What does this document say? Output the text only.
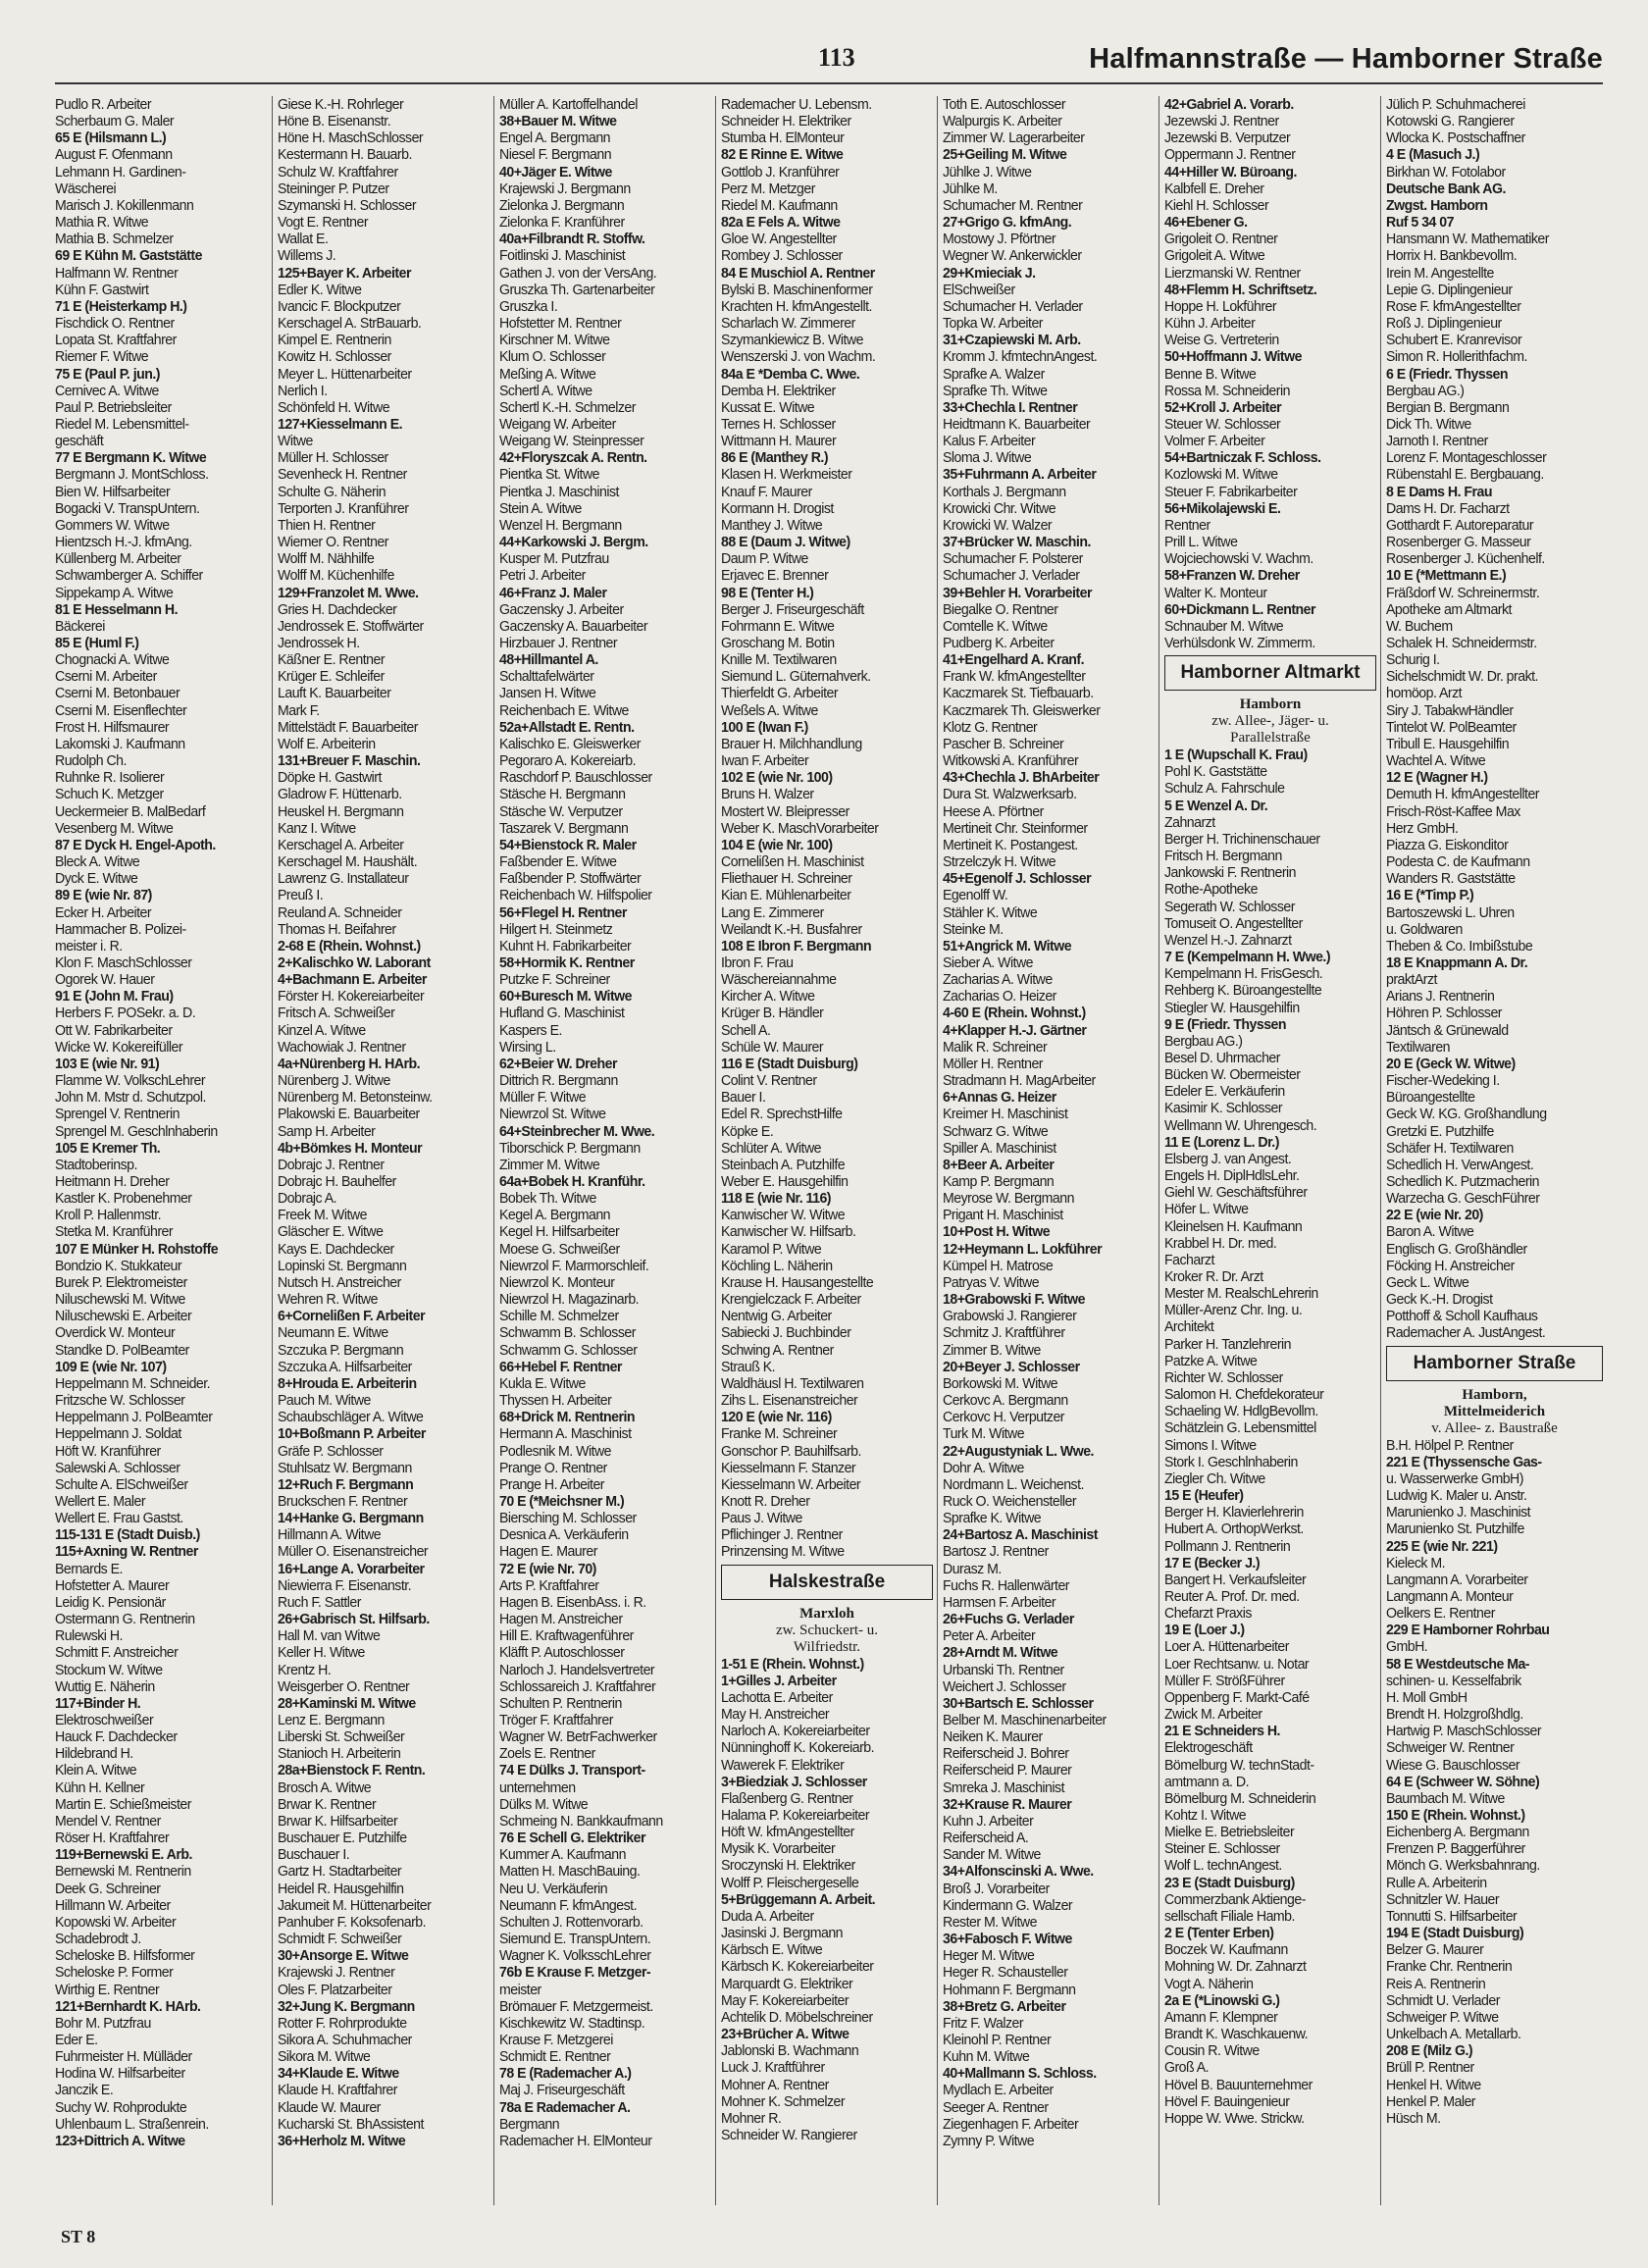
113	Halfmannstraße — Hamborner Straße
Pudlo R. Arbeiter
Scherbaum G. Maler
65 E (Hilsmann L.)
August F. Ofenmann
Lehmann H. Gardinen-
Wäscherei
Marisch J. Kokillenmann
Mathia R. Witwe
Mathia B. Schmelzer
69 E Kühn M. Gaststätte
Halfmann W. Rentner
Kühn F. Gastwirt
71 E (Heisterkamp H.)
Fischdick O. Rentner
Lopata St. Kraftfahrer
Riemer F. Witwe
75 E (Paul P. jun.)
Cernivec A. Witwe
Paul P. Betriebsleiter
Riedel M. Lebensmittel-
geschäft
77 E Bergmann K. Witwe
Bergmann J. MontSchloss.
Bien W. Hilfsarbeiter
Bogacki V. TranspUntern.
Gommers W. Witwe
Hientzsch H.-J. kfmAng.
Küllenberg M. Arbeiter
Schwamberger A. Schiffer
Sippekamp A. Witwe
81 E Hesselmann H.
Bäckerei
85 E (Huml F.)
Chognacki A. Witwe
Cserni M. Arbeiter
Cserni M. Betonbauer
Cserni M. Eisenflechter
Frost H. Hilfsmaurer
Lakomski J. Kaufmann
Rudolph Ch.
Ruhnke R. Isolierer
Schuch K. Metzger
Ueckermeier B. MalBedarf
Vesenberg M. Witwe
87 E Dyck H. Engel-Apoth.
Bleck A. Witwe
Dyck E. Witwe
89 E (wie Nr. 87)
Ecker H. Arbeiter
Hammacher B. Polizei-
meister i. R.
Klon F. MaschSchlosser
Ogorek W. Hauer
91 E (John M. Frau)
Herbers F. POSekr. a. D.
Ott W. Fabrikarbeiter
Wicke W. Kokereifüller
103 E (wie Nr. 91)
Flamme W. VolkschLehrer
John M. Mstr d. Schutzpol.
Sprengel V. Rentnerin
Sprengel M. Geschlnhaberin
105 E Kremer Th.
Stadtoberinsp.
Heitmann H. Dreher
Kastler K. Probenehmer
Kroll P. Hallenmstr.
Stetka M. Kranführer
107 E Münker H. Rohstoffe
Bondzio K. Stukkateur
Burek P. Elektromeister
Niluschewski M. Witwe
Niluschewski E. Arbeiter
Overdick W. Monteur
Standke D. PolBeamter
109 E (wie Nr. 107)
Heppelmann M. Schneider.
Fritzsche W. Schlosser
Heppelmann J. PolBeamter
Heppelmann J. Soldat
Höft W. Kranführer
Salewski A. Schlosser
Schulte A. ElSchweißer
Wellert E. Maler
Wellert E. Frau Gastst.
115-131 E (Stadt Duisb.)
115+Axning W. Rentner
Bernards E.
Hofstetter A. Maurer
Leidig K. Pensionär
Ostermann G. Rentnerin
Rulewski H.
Schmitt F. Anstreicher
Stockum W. Witwe
Wuttig E. Näherin
117+Binder H.
Elektroschweißer
Hauck F. Dachdecker
Hildebrand H.
Klein A. Witwe
Kühn H. Kellner
Martin E. Schießmeister
Mendel V. Rentner
Röser H. Kraftfahrer
119+Bernewski E. Arb.
Bernewski M. Rentnerin
Deek G. Schreiner
Hillmann W. Arbeiter
Kopowski W. Arbeiter
Schadebrodt J.
Scheloske B. Hilfsformer
Scheloske P. Former
Wirthig E. Rentner
121+Bernhardt K. HArb.
Bohr M. Putzfrau
Eder E.
Fuhrmeister H. Mülläder
Hodina W. Hilfsarbeiter
Janczik E.
Suchy W. Rohprodukte
Uhlenbaum L. Straßenrein.
123+Dittrich A. Witwe
Giese K.-H. Rohrleger
Höne B. Eisenanstr.
Höne H. MaschSchlosser
Kestermann H. Bauarb.
Schulz W. Kraftfahrer
Steininger P. Putzer
Szymanski H. Schlosser
Vogt E. Rentner
Wallat E.
Willems J.
125+Bayer K. Arbeiter
Edler K. Witwe
Ivancic F. Blockputzer
Kerschagel A. StrBauarb.
Kimpel E. Rentnerin
Kowitz H. Schlosser
Meyer L. Hüttenarbeiter
Nerlich I.
Schönfeld H. Witwe
127+Kiesselmann E.
Witwe
Müller H. Schlosser
Sevenheck H. Rentner
Schulte G. Näherin
Terporten J. Kranführer
Thien H. Rentner
Wiemer O. Rentner
Wolff M. Nähhilfe
Wolff M. Küchenhilfe
129+Franzolet M. Wwe.
Gries H. Dachdecker
Jendrossek E. Stoffwärter
Jendrossek H.
Käßner E. Rentner
Krüger E. Schleifer
Lauft K. Bauarbeiter
Mark F.
Mittelstädt F. Bauarbeiter
Wolf E. Arbeiterin
131+Breuer F. Maschin.
Döpke H. Gastwirt
Gladrow F. Hüttenarb.
Heuskel H. Bergmann
Kanz I. Witwe
Kerschagel A. Arbeiter
Kerschagel M. Haushält.
Lawrenz G. Installateur
Preuß I.
Reuland A. Schneider
Thomas H. Beifahrer
2-68 E (Rhein. Wohnst.)
2+Kalischko W. Laborant
4+Bachmann E. Arbeiter
Förster H. Kokereiarbeiter
Fritsch A. Schweißer
Kinzel A. Witwe
Wachowiak J. Rentner
4a+Nürenberg H. HArb.
Nürenberg J. Witwe
Nürenberg M. Betonsteinw.
Plakowski E. Bauarbeiter
Samp H. Arbeiter
4b+Bömkes H. Monteur
Dobrajc J. Rentner
Dobrajc H. Bauhelfer
Dobrajc A.
Freek M. Witwe
Gläscher E. Witwe
Kays E. Dachdecker
Lopinski St. Bergmann
Nutsch H. Anstreicher
Wehren R. Witwe
6+Cornelißen F. Arbeiter
Neumann E. Witwe
Szczuka P. Bergmann
Szczuka A. Hilfsarbeiter
8+Hrouda E. Arbeiterin
Pauch M. Witwe
Schaubschläger A. Witwe
10+Boßmann P. Arbeiter
Gräfe P. Schlosser
Stuhlsatz W. Bergmann
12+Ruch F. Bergmann
Bruckschen F. Rentner
14+Hanke G. Bergmann
Hillmann A. Witwe
Müller O. Eisenanstreicher
16+Lange A. Vorarbeiter
Niewierra F. Eisenanstr.
Ruch F. Sattler
26+Gabrisch St. Hilfsarb.
Hall M. van Witwe
Keller H. Witwe
Krentz H.
Weisgerber O. Rentner
28+Kaminski M. Witwe
Lenz E. Bergmann
Liberski St. Schweißer
Stanioch H. Arbeiterin
28a+Bienstock F. Rentn.
Brosch A. Witwe
Brwar K. Rentner
Brwar K. Hilfsarbeiter
Buschauer E. Putzhilfe
Buschauer I.
Gartz H. Stadtarbeiter
Heidel R. Hausgehilfin
Jakumeit M. Hüttenarbeiter
Panhuber F. Koksofenarb.
Schmidt F. Schweißer
30+Ansorge E. Witwe
Krajewski J. Rentner
Oles F. Platzarbeiter
32+Jung K. Bergmann
Rotter F. Rohrprodukte
Sikora A. Schuhmacher
Sikora M. Witwe
34+Klaude E. Witwe
Klaude H. Kraftfahrer
Klaude W. Maurer
Kucharski St. BhAssistent
36+Herholz M. Witwe
Müller A. Kartoffelhandel
38+Bauer M. Witwe
Engel A. Bergmann
Niesel F. Bergmann
40+Jäger E. Witwe
Krajewski J. Bergmann
Zielonka J. Bergmann
Zielonka F. Kranführer
40a+Filbrandt R. Stoffw.
Foitlinski J. Maschinist
Gathen J. von der VersAng.
Gruszka Th. Gartenarbeiter
Gruszka I.
Hofstetter M. Rentner
Kirschner M. Witwe
Klum O. Schlosser
Meßing A. Witwe
Schertl A. Witwe
Schertl K.-H. Schmelzer
Weigang W. Arbeiter
Weigang W. Steinpresser
42+Floryszcak A. Rentn.
Pientka St. Witwe
Pientka J. Maschinist
Stein A. Witwe
Wenzel H. Bergmann
44+Karkowski J. Bergm.
Kusper M. Putzfrau
Petri J. Arbeiter
46+Franz J. Maler
Gaczensky J. Arbeiter
Gaczensky A. Bauarbeiter
Hirzbauer J. Rentner
48+Hillmantel A.
Schalttafelwärter
Jansen H. Witwe
Reichenbach E. Witwe
52a+Allstadt E. Rentn.
Kalischko E. Gleiswerker
Pegoraro A. Kokereiarb.
Raschdorf P. Bauschlosser
Stäsche H. Bergmann
Stäsche W. Verputzer
Taszarek V. Bergmann
54+Bienstock R. Maler
Faßbender E. Witwe
Faßbender P. Stoffwärter
Reichenbach W. Hilfspolier
56+Flegel H. Rentner
Hilgert H. Steinmetz
Kuhnt H. Fabrikarbeiter
58+Hormik K. Rentner
Putzke F. Schreiner
60+Buresch M. Witwe
Hufland G. Maschinist
Kaspers E.
Wirsing L.
62+Beier W. Dreher
Dittrich R. Bergmann
Müller F. Witwe
Niewrzol St. Witwe
64+Steinbrecher M. Wwe.
Tiborschick P. Bergmann
Zimmer M. Witwe
64a+Bobek H. Kranführ.
Bobek Th. Witwe
Kegel A. Bergmann
Kegel H. Hilfsarbeiter
Moese G. Schweißer
Niewrzol F. Marmorschleif.
Niewrzol K. Monteur
Niewrzol H. Magazinarb.
Schille M. Schmelzer
Schwamm B. Schlosser
Schwamm G. Schlosser
66+Hebel F. Rentner
Kukla E. Witwe
Thyssen H. Arbeiter
68+Drick M. Rentnerin
Hermann A. Maschinist
Podlesnik M. Witwe
Prange O. Rentner
Prange H. Arbeiter
70 E (*Meichsner M.)
Biersching M. Schlosser
Desnica A. Verkäuferin
Hagen E. Maurer
72 E (wie Nr. 70)
Arts P. Kraftfahrer
Hagen B. EisenbAss. i. R.
Hagen M. Anstreicher
Hill E. Kraftwagenführer
Kläfft P. Autoschlosser
Narloch J. Handelsvertreter
Schlossareich J. Kraftfahrer
Schulten P. Rentnerin
Tröger F. Kraftfahrer
Wagner W. BetrFachwerker
Zoels E. Rentner
74 E Dülks J. Transport-
unternehmen
Dülks M. Witwe
Schmeing N. Bankkaufmann
76 E Schell G. Elektriker
Kummer A. Kaufmann
Matten H. MaschBauing.
Neu U. Verkäuferin
Neumann F. kfmAngest.
Schulten J. Rottenvorarb.
Siemund E. TranspUntern.
Wagner K. VolksschLehrer
76b E Krause F. Metzger-
meister
Brömauer F. Metzgermeist.
Kischkewitz W. Stadtinsp.
Krause F. Metzgerei
Schmidt E. Rentner
78 E (Rademacher A.)
Maj J. Friseurgeschäft
78a E Rademacher A.
Bergmann
Rademacher H. ElMonteur
Rademacher U. Lebensm.
Schneider H. Elektriker
Stumba H. ElMonteur
82 E Rinne E. Witwe
Gottlob J. Kranführer
Perz M. Metzger
Riedel M. Kaufmann
82a E Fels A. Witwe
Gloe W. Angestellter
Rombey J. Schlosser
84 E Muschiol A. Rentner
Bylski B. Maschinenformer
Krachten H. kfmAngestellt.
Scharlach W. Zimmerer
Szymankiewicz B. Witwe
Wenszerski J. von Wachm.
84a E *Demba C. Wwe.
Demba H. Elektriker
Kussat E. Witwe
Ternes H. Schlosser
Wittmann H. Maurer
86 E (Manthey R.)
Klasen H. Werkmeister
Knauf F. Maurer
Kormann H. Drogist
Manthey J. Witwe
88 E (Daum J. Witwe)
Daum P. Witwe
Erjavec E. Brenner
98 E (Tenter H.)
Berger J. Friseurgeschäft
Fohrmann E. Witwe
Groschang M. Botin
Knille M. Textilwaren
Siemund L. Güternahverk.
Thierfeldt G. Arbeiter
Weßels A. Witwe
100 E (Iwan F.)
Brauer H. Milchhandlung
Iwan F. Arbeiter
102 E (wie Nr. 100)
Bruns H. Walzer
Mostert W. Bleipresser
Weber K. MaschVorarbeiter
104 E (wie Nr. 100)
Cornelißen H. Maschinist
Fliethauer H. Schreiner
Kian E. Mühlenarbeiter
Lang E. Zimmerer
Weilandt K.-H. Busfahrer
108 E Ibron F. Bergmann
Ibron F. Frau
Wäschereiannahme
Kircher A. Witwe
Krüger B. Händler
Schell A.
Schüle W. Maurer
116 E (Stadt Duisburg)
Colint V. Rentner
Bauer I.
Edel R. SprechstHilfe
Köpke E.
Schlüter A. Witwe
Steinbach A. Putzhilfe
Weber E. Hausgehilfin
118 E (wie Nr. 116)
Kanwischer W. Witwe
Kanwischer W. Hilfsarb.
Karamol P. Witwe
Köchling L. Näherin
Krause H. Hausangestellte
Krengielczack F. Arbeiter
Nentwig G. Arbeiter
Sabiecki J. Buchbinder
Schwing A. Rentner
Strauß K.
Waldhäusl H. Textilwaren
Zihs L. Eisenanstreicher
120 E (wie Nr. 116)
Franke M. Schreiner
Gonschor P. Bauhilfsarb.
Kiesselmann F. Stanzer
Kiesselmann W. Arbeiter
Knott R. Dreher
Paus J. Witwe
Pflichinger J. Rentner
Prinzensing M. Witwe
Halskestraße
Marxloh
zw. Schuckert- u.
Wilfriedstr.
1-51 E (Rhein. Wohnst.)
1+Gilles J. Arbeiter
Lachotta E. Arbeiter
May H. Anstreicher
Narloch A. Kokereiarbeiter
Nünninghoff K. Kokereiarb.
Wawerek F. Elektriker
3+Biedziak J. Schlosser
Flaßenberg G. Rentner
Halama P. Kokereiarbeiter
Höft W. kfmAngestellter
Mysik K. Vorarbeiter
Sroczynski H. Elektriker
Wolff P. Fleischergeselle
5+Brüggemann A. Arbeit.
Duda A. Arbeiter
Jasinski J. Bergmann
Kärbsch E. Witwe
Kärbsch K. Kokereiarbeiter
Marquardt G. Elektriker
May F. Kokereiarbeiter
Achtelik D. Möbelschreiner
23+Brücher A. Witwe
Jablonski B. Wachmann
Luck J. Kraftführer
Mohner A. Rentner
Mohner K. Schmelzer
Mohner R.
Schneider W. Rangierer
Toth E. Autoschlosser
Walpurgis K. Arbeiter
Zimmer W. Lagerarbeiter
25+Geiling M. Witwe
Jühlke J. Witwe
Jühlke M.
Schumacher M. Rentner
27+Grigo G. kfmAng.
Mostowy J. Pförtner
Wegner W. Ankerwickler
29+Kmieciak J.
ElSchweißer
Schumacher H. Verlader
Topka W. Arbeiter
31+Czapiewski M. Arb.
Kromm J. kfmtechnAngest.
Sprafke A. Walzer
Sprafke Th. Witwe
33+Chechla I. Rentner
Heidtmann K. Bauarbeiter
Kalus F. Arbeiter
Sloma J. Witwe
35+Fuhrmann A. Arbeiter
Korthals J. Bergmann
Krowicki Chr. Witwe
Krowicki W. Walzer
37+Brücker W. Maschin.
Schumacher F. Polsterer
Schumacher J. Verlader
39+Behler H. Vorarbeiter
Biegalke O. Rentner
Comtelle K. Witwe
Pudberg K. Arbeiter
41+Engelhard A. Kranf.
Frank W. kfmAngestellter
Kaczmarek St. Tiefbauarb.
Kaczmarek Th. Gleiswerker
Klotz G. Rentner
Pascher B. Schreiner
Witkowski A. Kranführer
43+Chechla J. BhArbeiter
Dura St. Walzwerksarb.
Heese A. Pförtner
Mertineit Chr. Steinformer
Mertineit K. Postangest.
Strzelczyk H. Witwe
45+Egenolf J. Schlosser
Egenolff W.
Stähler K. Witwe
Steinke M.
51+Angrick M. Witwe
Sieber A. Witwe
Zacharias A. Witwe
Zacharias O. Heizer
4-60 E (Rhein. Wohnst.)
4+Klapper H.-J. Gärtner
Malik R. Schreiner
Möller H. Rentner
Stradmann H. MagArbeiter
6+Annas G. Heizer
Kreimer H. Maschinist
Schwarz G. Witwe
Spiller A. Maschinist
8+Beer A. Arbeiter
Kamp P. Bergmann
Meyrose W. Bergmann
Prigant H. Maschinist
10+Post H. Witwe
12+Heymann L. Lokführer
Kümpel H. Matrose
Patryas V. Witwe
18+Grabowski F. Witwe
Grabowski J. Rangierer
Schmitz J. Kraftführer
Zimmer B. Witwe
20+Beyer J. Schlosser
Borkowski M. Witwe
Cerkovc A. Bergmann
Cerkovc H. Verputzer
Turk M. Witwe
22+Augustyniak L. Wwe.
Dohr A. Witwe
Nordmann L. Weichenst.
Ruck O. Weichensteller
Sprafke K. Witwe
24+Bartosz A. Maschinist
Bartosz J. Rentner
Durasz M.
Fuchs R. Hallenwärter
Harmsen F. Arbeiter
26+Fuchs G. Verlader
Peter A. Arbeiter
28+Arndt M. Witwe
Urbanski Th. Rentner
Weichert J. Schlosser
30+Bartsch E. Schlosser
Belber M. Maschinenarbeiter
Neiken K. Maurer
Reiferscheid J. Bohrer
Reiferscheid P. Maurer
Smreka J. Maschinist
32+Krause R. Maurer
Kuhn J. Arbeiter
Reiferscheid A.
Sander M. Witwe
34+Alfonscinski A. Wwe.
Broß J. Vorarbeiter
Kindermann G. Walzer
Rester M. Witwe
36+Fabosch F. Witwe
Heger M. Witwe
Heger R. Schausteller
Hohmann F. Bergmann
38+Bretz G. Arbeiter
Fritz F. Walzer
Kleinohl P. Rentner
Kuhn M. Witwe
40+Mallmann S. Schloss.
Mydlach E. Arbeiter
Seeger A. Rentner
Ziegenhagen F. Arbeiter
Zymny P. Witwe
42+Gabriel A. Vorarb.
Jezewski J. Rentner
Jezewski B. Verputzer
Oppermann J. Rentner
44+Hiller W. Büroang.
Kalbfell E. Dreher
Kiehl H. Schlosser
46+Ebener G.
Grigoleit O. Rentner
Grigoleit A. Witwe
Lierzmanski W. Rentner
48+Flemm H. Schriftsetz.
Hoppe H. Lokführer
Kühn J. Arbeiter
Weise G. Vertreterin
50+Hoffmann J. Witwe
Benne B. Witwe
Rossa M. Schneiderin
52+Kroll J. Arbeiter
Steuer W. Schlosser
Volmer F. Arbeiter
54+Bartniczak F. Schloss.
Kozlowski M. Witwe
Steuer F. Fabrikarbeiter
56+Mikolajewski E.
Rentner
Prill L. Witwe
Wojciechowski V. Wachm.
58+Franzen W. Dreher
Walter K. Monteur
60+Dickmann L. Rentner
Schnauber M. Witwe
Verhülsdonk W. Zimmerm.
Hamborner Altmarkt
Hamborn
zw. Allee-, Jäger- u.
Parallelstraße
1 E (Wupschall K. Frau)
Pohl K. Gaststätte
Schulz A. Fahrschule
5 E Wenzel A. Dr.
Zahnarzt
Berger H. Trichinenschauer
Fritsch H. Bergmann
Jankowski F. Rentnerin
Rothe-Apotheke
Segerath W. Schlosser
Tomuseit O. Angestellter
Wenzel H.-J. Zahnarzt
7 E (Kempelmann H. Wwe.)
Kempelmann H. FrisGesch.
Rehberg K. Büroangestellte
Stiegler W. Hausgehilfin
9 E (Friedr. Thyssen
Bergbau AG.)
Besel D. Uhrmacher
Bücken W. Obermeister
Edeler E. Verkäuferin
Kasimir K. Schlosser
Wellmann W. Uhrengesch.
11 E (Lorenz L. Dr.)
Elsberg J. van Angest.
Engels H. DiplHdlsLehr.
Giehl W. Geschäftsführer
Höfer L. Witwe
Kleinelsen H. Kaufmann
Krabbel H. Dr. med.
Facharzt
Kroker R. Dr. Arzt
Mester M. RealschLehrerin
Müller-Arenz Chr. Ing. u.
Architekt
Parker H. Tanzlehrerin
Patzke A. Witwe
Richter W. Schlosser
Salomon H. Chefdekorateur
Schaeling W. HdlgBevollm.
Schätzlein G. Lebensmittel
Simons I. Witwe
Stork I. Geschlnhaberin
Ziegler Ch. Witwe
15 E (Heufer)
Berger H. Klavierlehrerin
Hubert A. OrthopWerkst.
Pollmann J. Rentnerin
17 E (Becker J.)
Bangert H. Verkaufsleiter
Reuter A. Prof. Dr. med.
Chefarzt Praxis
19 E (Loer J.)
Loer A. Hüttenarbeiter
Loer Rechtsanw. u. Notar
Müller F. StrößFührer
Oppenberg F. Markt-Café
Zwick M. Arbeiter
21 E Schneiders H.
Elektrogeschäft
Bömelburg W. technStadt-
amtmann a. D.
Bömelburg M. Schneiderin
Kohtz I. Witwe
Mielke E. Betriebsleiter
Steiner E. Schlosser
Wolf L. technAngest.
23 E (Stadt Duisburg)
Commerzbank Aktienge-
sellschaft Filiale Hamb.
2 E (Tenter Erben)
Boczek W. Kaufmann
Mohning W. Dr. Zahnarzt
Vogt A. Näherin
2a E (*Linowski G.)
Amann F. Klempner
Brandt K. Waschkauenw.
Cousin R. Witwe
Groß A.
Hövel B. Bauunternehmer
Hövel F. Bauingenieur
Hoppe W. Wwe. Strickw.
Jülich P. Schuhmacherei
Kotowski G. Rangierer
Wlocka K. Postschaffner
4 E (Masuch J.)
Birkhan W. Fotolabor
Deutsche Bank AG.
Zwgst. Hamborn
Ruf 5 34 07
Hansmann W. Mathematiker
Horrix H. Bankbevollm.
Irein M. Angestellte
Lepie G. Diplingenieur
Rose F. kfmAngestellter
Roß J. Diplingenieur
Schubert E. Kranrevisor
Simon R. Hollerithfachm.
6 E (Friedr. Thyssen
Bergbau AG.)
Bergian B. Bergmann
Dick Th. Witwe
Jarnoth I. Rentner
Lorenz F. Montageschlosser
Rübenstahl E. Bergbauang.
8 E Dams H. Frau
Dams H. Dr. Facharzt
Gotthardt F. Autoreparatur
Rosenberger G. Masseur
Rosenberger J. Küchenhelf.
10 E (*Mettmann E.)
Fräßdorf W. Schreinermstr.
Apotheke am Altmarkt
W. Buchem
Schalek H. Schneidermstr.
Schurig I.
Sichelschmidt W. Dr. prakt.
homöop. Arzt
Siry J. TabakwHändler
Tintelot W. PolBeamter
Tribull E. Hausgehilfin
Wachtel A. Witwe
12 E (Wagner H.)
Demuth H. kfmAngestellter
Frisch-Röst-Kaffee Max
Herz GmbH.
Piazza G. Eiskonditor
Podesta C. de Kaufmann
Wanders R. Gaststätte
16 E (*Timp P.)
Bartoszewski L. Uhren
u. Goldwaren
Theben & Co. Imbißstube
18 E Knappmann A. Dr.
praktArzt
Arians J. Rentnerin
Höhren P. Schlosser
Jäntsch & Grünewald
Textilwaren
20 E (Geck W. Witwe)
Fischer-Wedeking I.
Büroangestellte
Geck W. KG. Großhandlung
Gretzki E. Putzhilfe
Schäfer H. Textilwaren
Schedlich H. VerwAngest.
Schedlich K. Putzmacherin
Warzecha G. GeschFührer
22 E (wie Nr. 20)
Baron A. Witwe
Englisch G. Großhändler
Föcking H. Anstreicher
Geck L. Witwe
Geck K.-H. Drogist
Potthoff & Scholl Kaufhaus
Rademacher A. JustAngest.
Hamborner Straße
Hamborn,
Mittelmeiderich
v. Allee- z. Baustraße
B.H. Hölpel P. Rentner
221 E (Thyssensche Gas-
u. Wasserwerke GmbH)
Ludwig K. Maler u. Anstr.
Marunienko J. Maschinist
Marunienko St. Putzhilfe
225 E (wie Nr. 221)
Kieleck M.
Langmann A. Vorarbeiter
Langmann A. Monteur
Oelkers E. Rentner
229 E Hamborner Rohrbau
GmbH.
58 E Westdeutsche Ma-
schinen- u. Kesselfabrik
H. Moll GmbH
Brendt H. Holzgroßhdlg.
Hartwig P. MaschSchlosser
Schweiger W. Rentner
Wiese G. Bauschlosser
64 E (Schweer W. Söhne)
Baumbach M. Witwe
150 E (Rhein. Wohnst.)
Eichenberg A. Bergmann
Frenzen P. Baggerführer
Mönch G. Werksbahnrang.
Rulle A. Arbeiterin
Schnitzler W. Hauer
Tonnutti S. Hilfsarbeiter
194 E (Stadt Duisburg)
Belzer G. Maurer
Franke Chr. Rentnerin
Reis A. Rentnerin
Schmidt U. Verlader
Schweiger P. Witwe
Unkelbach A. Metallarb.
208 E (Milz G.)
Brüll P. Rentner
Henkel H. Witwe
Henkel P. Maler
Hüsch M.
ST 8
